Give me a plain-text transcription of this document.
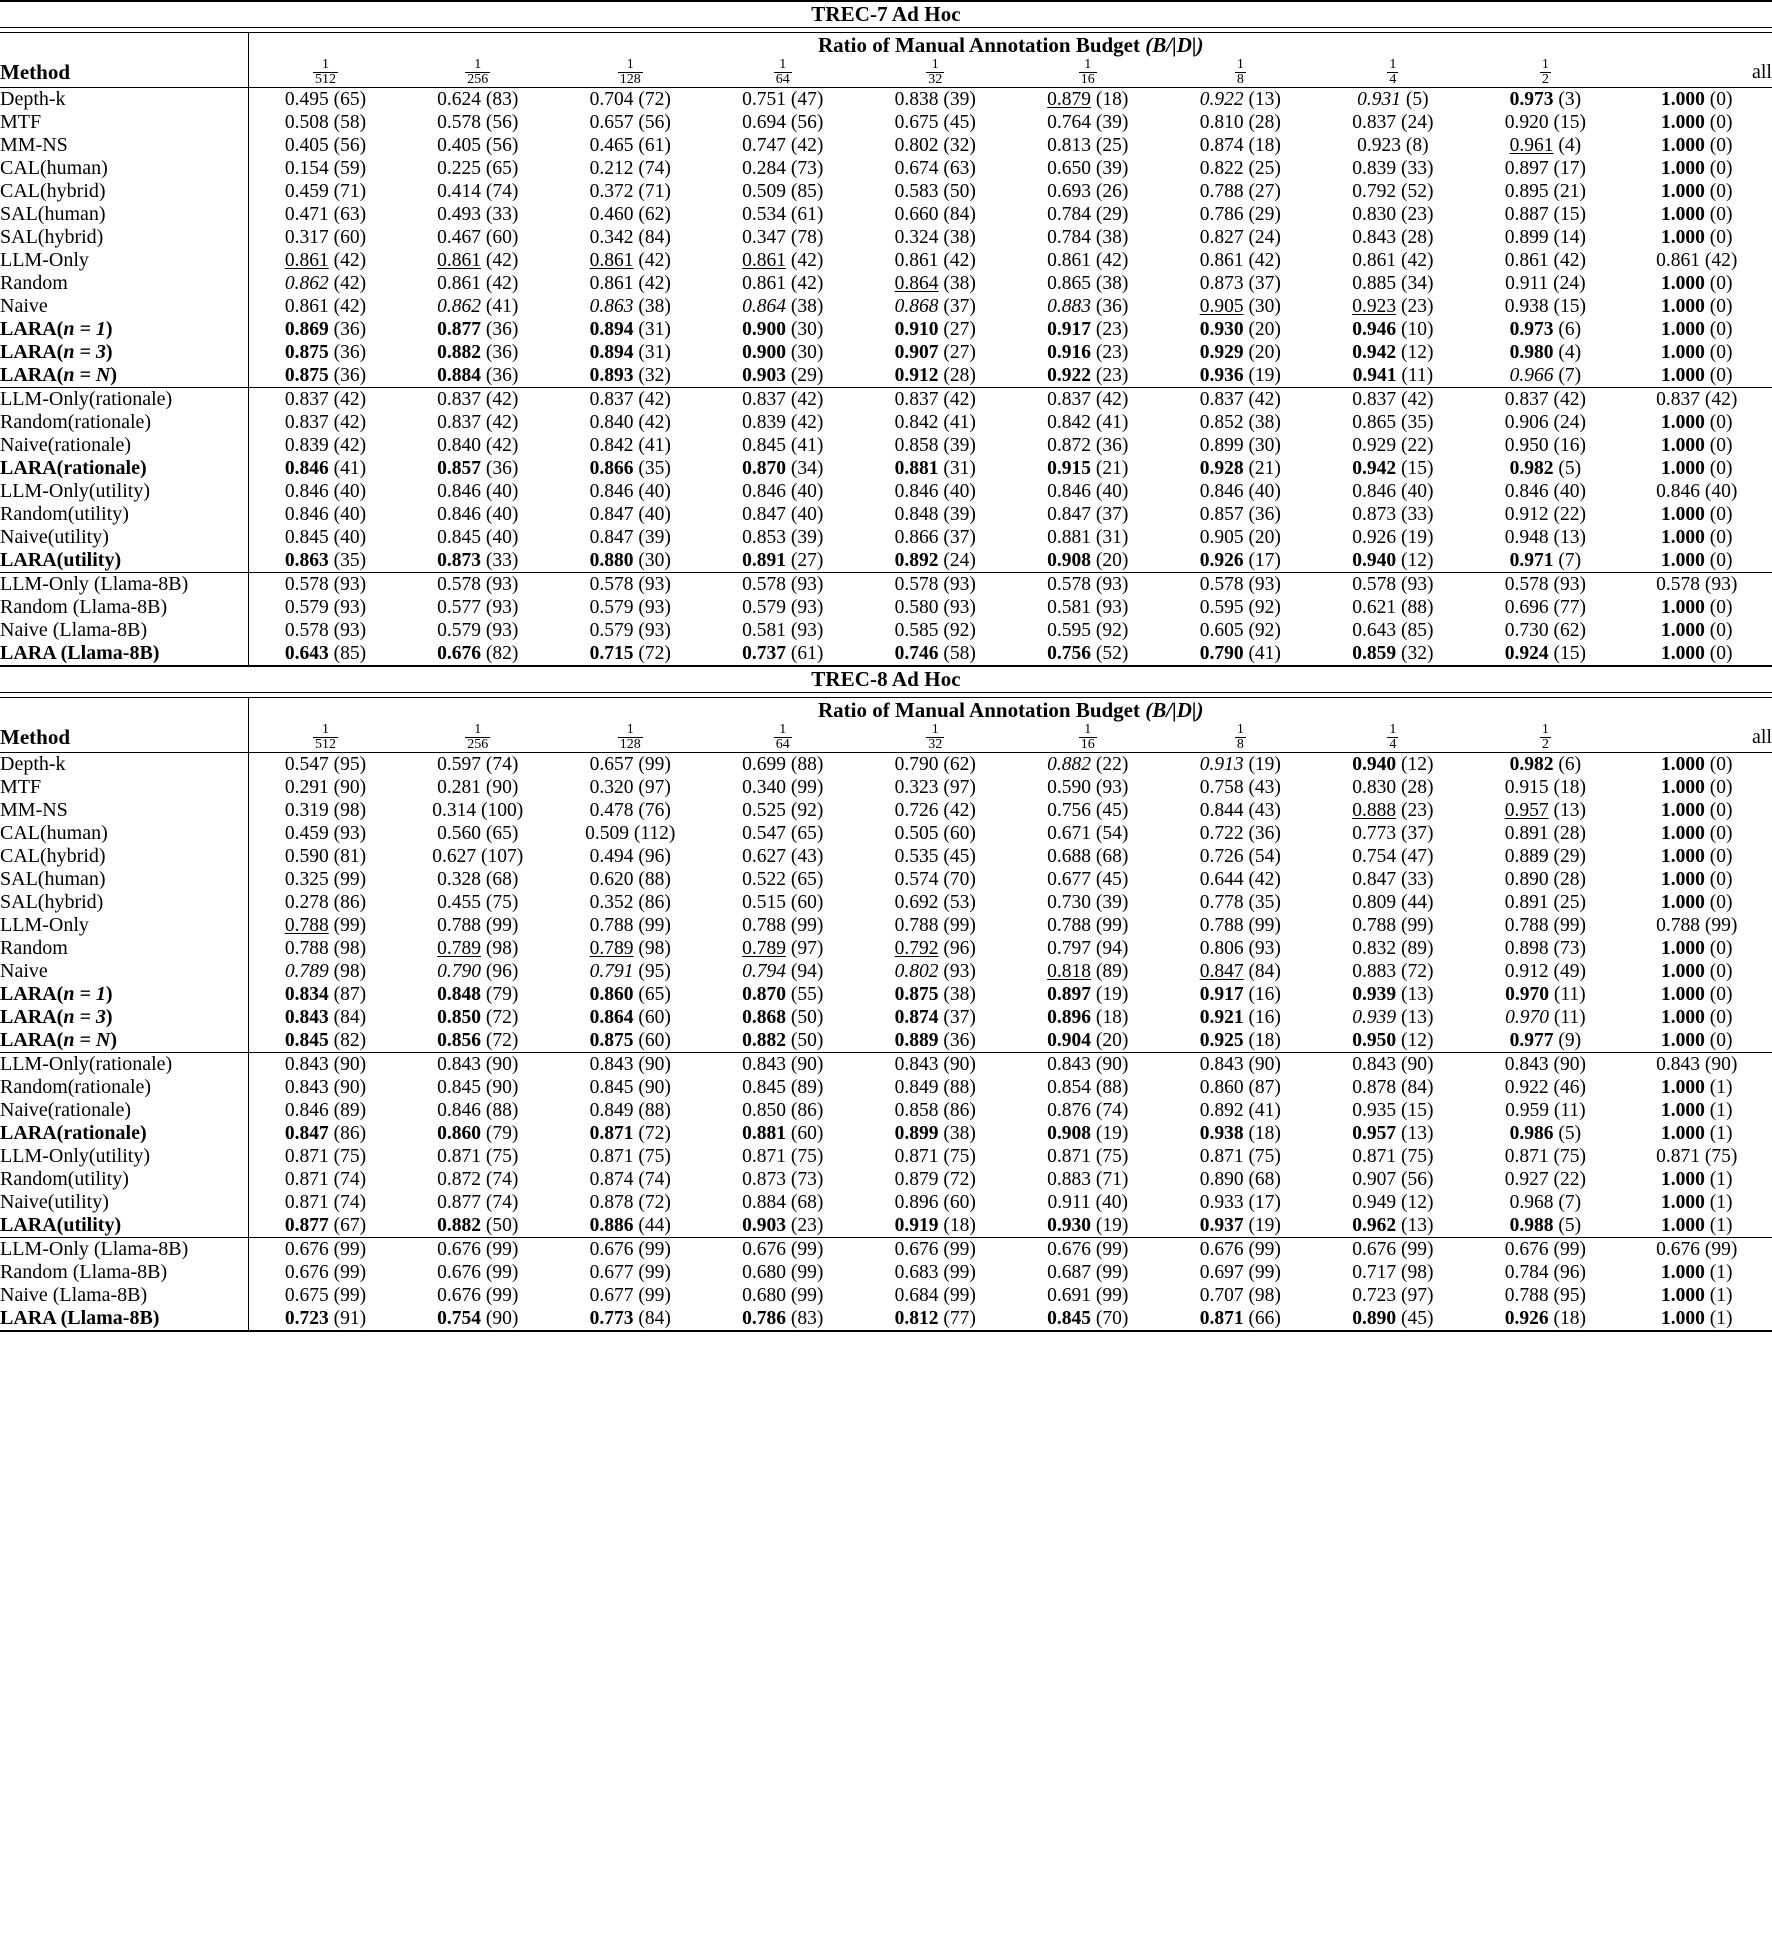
TREC-7 Ad Hoc										

	Ratio of Manual Annotation Budget (B/|D|)									
Method	$\frac{1}{512}$	$\frac{1}{256}$	$\frac{1}{128}$	$\frac{1}{64}$	$\frac{1}{32}$	$\frac{1}{16}$	$\frac{1}{8}$	$\frac{1}{4}$	$\frac{1}{2}$	all

Depth-k	0.495 (65)	0.624 (83)	0.704 (72)	0.751 (47)	0.838 (39)	0.879 (18)	0.922 (13)	0.931 (5)	0.973 (3)	1.000 (0)
MTF	0.508 (58)	0.578 (56)	0.657 (56)	0.694 (56)	0.675 (45)	0.764 (39)	0.810 (28)	0.837 (24)	0.920 (15)	1.000 (0)
MM-NS	0.405 (56)	0.405 (56)	0.465 (61)	0.747 (42)	0.802 (32)	0.813 (25)	0.874 (18)	0.923 (8)	0.961 (4)	1.000 (0)
CAL(human)	0.154 (59)	0.225 (65)	0.212 (74)	0.284 (73)	0.674 (63)	0.650 (39)	0.822 (25)	0.839 (33)	0.897 (17)	1.000 (0)
CAL(hybrid)	0.459 (71)	0.414 (74)	0.372 (71)	0.509 (85)	0.583 (50)	0.693 (26)	0.788 (27)	0.792 (52)	0.895 (21)	1.000 (0)
SAL(human)	0.471 (63)	0.493 (33)	0.460 (62)	0.534 (61)	0.660 (84)	0.784 (29)	0.786 (29)	0.830 (23)	0.887 (15)	1.000 (0)
SAL(hybrid)	0.317 (60)	0.467 (60)	0.342 (84)	0.347 (78)	0.324 (38)	0.784 (38)	0.827 (24)	0.843 (28)	0.899 (14)	1.000 (0)
LLM-Only	0.861 (42)	0.861 (42)	0.861 (42)	0.861 (42)	0.861 (42)	0.861 (42)	0.861 (42)	0.861 (42)	0.861 (42)	0.861 (42)
Random	0.862 (42)	0.861 (42)	0.861 (42)	0.861 (42)	0.864 (38)	0.865 (38)	0.873 (37)	0.885 (34)	0.911 (24)	1.000 (0)
Naive	0.861 (42)	0.862 (41)	0.863 (38)	0.864 (38)	0.868 (37)	0.883 (36)	0.905 (30)	0.923 (23)	0.938 (15)	1.000 (0)
LARA(n = 1)	0.869 (36)	0.877 (36)	0.894 (31)	0.900 (30)	0.910 (27)	0.917 (23)	0.930 (20)	0.946 (10)	0.973 (6)	1.000 (0)
LARA(n = 3)	0.875 (36)	0.882 (36)	0.894 (31)	0.900 (30)	0.907 (27)	0.916 (23)	0.929 (20)	0.942 (12)	0.980 (4)	1.000 (0)
LARA(n = N)	0.875 (36)	0.884 (36)	0.893 (32)	0.903 (29)	0.912 (28)	0.922 (23)	0.936 (19)	0.941 (11)	0.966 (7)	1.000 (0)

LLM-Only(rationale)	0.837 (42)	0.837 (42)	0.837 (42)	0.837 (42)	0.837 (42)	0.837 (42)	0.837 (42)	0.837 (42)	0.837 (42)	0.837 (42)
Random(rationale)	0.837 (42)	0.837 (42)	0.840 (42)	0.839 (42)	0.842 (41)	0.842 (41)	0.852 (38)	0.865 (35)	0.906 (24)	1.000 (0)
Naive(rationale)	0.839 (42)	0.840 (42)	0.842 (41)	0.845 (41)	0.858 (39)	0.872 (36)	0.899 (30)	0.929 (22)	0.950 (16)	1.000 (0)
LARA(rationale)	0.846 (41)	0.857 (36)	0.866 (35)	0.870 (34)	0.881 (31)	0.915 (21)	0.928 (21)	0.942 (15)	0.982 (5)	1.000 (0)
LLM-Only(utility)	0.846 (40)	0.846 (40)	0.846 (40)	0.846 (40)	0.846 (40)	0.846 (40)	0.846 (40)	0.846 (40)	0.846 (40)	0.846 (40)
Random(utility)	0.846 (40)	0.846 (40)	0.847 (40)	0.847 (40)	0.848 (39)	0.847 (37)	0.857 (36)	0.873 (33)	0.912 (22)	1.000 (0)
Naive(utility)	0.845 (40)	0.845 (40)	0.847 (39)	0.853 (39)	0.866 (37)	0.881 (31)	0.905 (20)	0.926 (19)	0.948 (13)	1.000 (0)
LARA(utility)	0.863 (35)	0.873 (33)	0.880 (30)	0.891 (27)	0.892 (24)	0.908 (20)	0.926 (17)	0.940 (12)	0.971 (7)	1.000 (0)

LLM-Only (Llama-8B)	0.578 (93)	0.578 (93)	0.578 (93)	0.578 (93)	0.578 (93)	0.578 (93)	0.578 (93)	0.578 (93)	0.578 (93)	0.578 (93)
Random (Llama-8B)	0.579 (93)	0.577 (93)	0.579 (93)	0.579 (93)	0.580 (93)	0.581 (93)	0.595 (92)	0.621 (88)	0.696 (77)	1.000 (0)
Naive (Llama-8B)	0.578 (93)	0.579 (93)	0.579 (93)	0.581 (93)	0.585 (92)	0.595 (92)	0.605 (92)	0.643 (85)	0.730 (62)	1.000 (0)
LARA (Llama-8B)	0.643 (85)	0.676 (82)	0.715 (72)	0.737 (61)	0.746 (58)	0.756 (52)	0.790 (41)	0.859 (32)	0.924 (15)	1.000 (0)

TREC-8 Ad Hoc										

	Ratio of Manual Annotation Budget (B/|D|)									
Method	$\frac{1}{512}$	$\frac{1}{256}$	$\frac{1}{128}$	$\frac{1}{64}$	$\frac{1}{32}$	$\frac{1}{16}$	$\frac{1}{8}$	$\frac{1}{4}$	$\frac{1}{2}$	all

Depth-k	0.547 (95)	0.597 (74)	0.657 (99)	0.699 (88)	0.790 (62)	0.882 (22)	0.913 (19)	0.940 (12)	0.982 (6)	1.000 (0)
MTF	0.291 (90)	0.281 (90)	0.320 (97)	0.340 (99)	0.323 (97)	0.590 (93)	0.758 (43)	0.830 (28)	0.915 (18)	1.000 (0)
MM-NS	0.319 (98)	0.314 (100)	0.478 (76)	0.525 (92)	0.726 (42)	0.756 (45)	0.844 (43)	0.888 (23)	0.957 (13)	1.000 (0)
CAL(human)	0.459 (93)	0.560 (65)	0.509 (112)	0.547 (65)	0.505 (60)	0.671 (54)	0.722 (36)	0.773 (37)	0.891 (28)	1.000 (0)
CAL(hybrid)	0.590 (81)	0.627 (107)	0.494 (96)	0.627 (43)	0.535 (45)	0.688 (68)	0.726 (54)	0.754 (47)	0.889 (29)	1.000 (0)
SAL(human)	0.325 (99)	0.328 (68)	0.620 (88)	0.522 (65)	0.574 (70)	0.677 (45)	0.644 (42)	0.847 (33)	0.890 (28)	1.000 (0)
SAL(hybrid)	0.278 (86)	0.455 (75)	0.352 (86)	0.515 (60)	0.692 (53)	0.730 (39)	0.778 (35)	0.809 (44)	0.891 (25)	1.000 (0)
LLM-Only	0.788 (99)	0.788 (99)	0.788 (99)	0.788 (99)	0.788 (99)	0.788 (99)	0.788 (99)	0.788 (99)	0.788 (99)	0.788 (99)
Random	0.788 (98)	0.789 (98)	0.789 (98)	0.789 (97)	0.792 (96)	0.797 (94)	0.806 (93)	0.832 (89)	0.898 (73)	1.000 (0)
Naive	0.789 (98)	0.790 (96)	0.791 (95)	0.794 (94)	0.802 (93)	0.818 (89)	0.847 (84)	0.883 (72)	0.912 (49)	1.000 (0)
LARA(n = 1)	0.834 (87)	0.848 (79)	0.860 (65)	0.870 (55)	0.875 (38)	0.897 (19)	0.917 (16)	0.939 (13)	0.970 (11)	1.000 (0)
LARA(n = 3)	0.843 (84)	0.850 (72)	0.864 (60)	0.868 (50)	0.874 (37)	0.896 (18)	0.921 (16)	0.939 (13)	0.970 (11)	1.000 (0)
LARA(n = N)	0.845 (82)	0.856 (72)	0.875 (60)	0.882 (50)	0.889 (36)	0.904 (20)	0.925 (18)	0.950 (12)	0.977 (9)	1.000 (0)

LLM-Only(rationale)	0.843 (90)	0.843 (90)	0.843 (90)	0.843 (90)	0.843 (90)	0.843 (90)	0.843 (90)	0.843 (90)	0.843 (90)	0.843 (90)
Random(rationale)	0.843 (90)	0.845 (90)	0.845 (90)	0.845 (89)	0.849 (88)	0.854 (88)	0.860 (87)	0.878 (84)	0.922 (46)	1.000 (1)
Naive(rationale)	0.846 (89)	0.846 (88)	0.849 (88)	0.850 (86)	0.858 (86)	0.876 (74)	0.892 (41)	0.935 (15)	0.959 (11)	1.000 (1)
LARA(rationale)	0.847 (86)	0.860 (79)	0.871 (72)	0.881 (60)	0.899 (38)	0.908 (19)	0.938 (18)	0.957 (13)	0.986 (5)	1.000 (1)
LLM-Only(utility)	0.871 (75)	0.871 (75)	0.871 (75)	0.871 (75)	0.871 (75)	0.871 (75)	0.871 (75)	0.871 (75)	0.871 (75)	0.871 (75)
Random(utility)	0.871 (74)	0.872 (74)	0.874 (74)	0.873 (73)	0.879 (72)	0.883 (71)	0.890 (68)	0.907 (56)	0.927 (22)	1.000 (1)
Naive(utility)	0.871 (74)	0.877 (74)	0.878 (72)	0.884 (68)	0.896 (60)	0.911 (40)	0.933 (17)	0.949 (12)	0.968 (7)	1.000 (1)
LARA(utility)	0.877 (67)	0.882 (50)	0.886 (44)	0.903 (23)	0.919 (18)	0.930 (19)	0.937 (19)	0.962 (13)	0.988 (5)	1.000 (1)

LLM-Only (Llama-8B)	0.676 (99)	0.676 (99)	0.676 (99)	0.676 (99)	0.676 (99)	0.676 (99)	0.676 (99)	0.676 (99)	0.676 (99)	0.676 (99)
Random (Llama-8B)	0.676 (99)	0.676 (99)	0.677 (99)	0.680 (99)	0.683 (99)	0.687 (99)	0.697 (99)	0.717 (98)	0.784 (96)	1.000 (1)
Naive (Llama-8B)	0.675 (99)	0.676 (99)	0.677 (99)	0.680 (99)	0.684 (99)	0.691 (99)	0.707 (98)	0.723 (97)	0.788 (95)	1.000 (1)
LARA (Llama-8B)	0.723 (91)	0.754 (90)	0.773 (84)	0.786 (83)	0.812 (77)	0.845 (70)	0.871 (66)	0.890 (45)	0.926 (18)	1.000 (1)
